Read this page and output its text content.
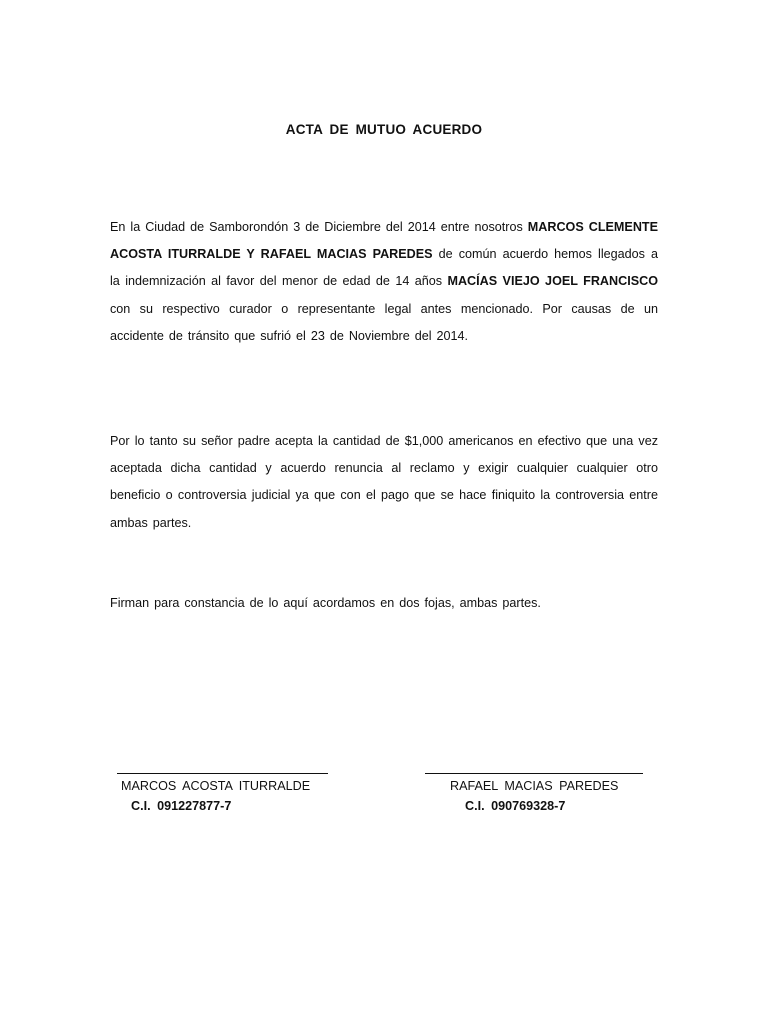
ACTA DE MUTUO ACUERDO

En la Ciudad de Samborondón 3 de Diciembre del 2014 entre nosotros MARCOS CLEMENTE ACOSTA ITURRALDE Y RAFAEL MACIAS PAREDES de común acuerdo hemos llegados a la indemnización al favor del menor de edad de 14 años MACÍAS VIEJO JOEL FRANCISCO con su respectivo curador o representante legal antes mencionado. Por causas de un accidente de tránsito que sufrió el 23 de Noviembre del 2014.

Por lo tanto su señor padre acepta la cantidad de $1,000 americanos en efectivo que una vez aceptada dicha cantidad y acuerdo renuncia al reclamo y exigir cualquier cualquier otro beneficio o controversia judicial ya que con el pago que se hace finiquito la controversia entre ambas partes.

Firman para constancia de lo aquí acordamos en dos fojas, ambas partes.

MARCOS ACOSTA ITURRALDE
C.I. 091227877-7
RAFAEL MACIAS PAREDES
C.I. 090769328-7
